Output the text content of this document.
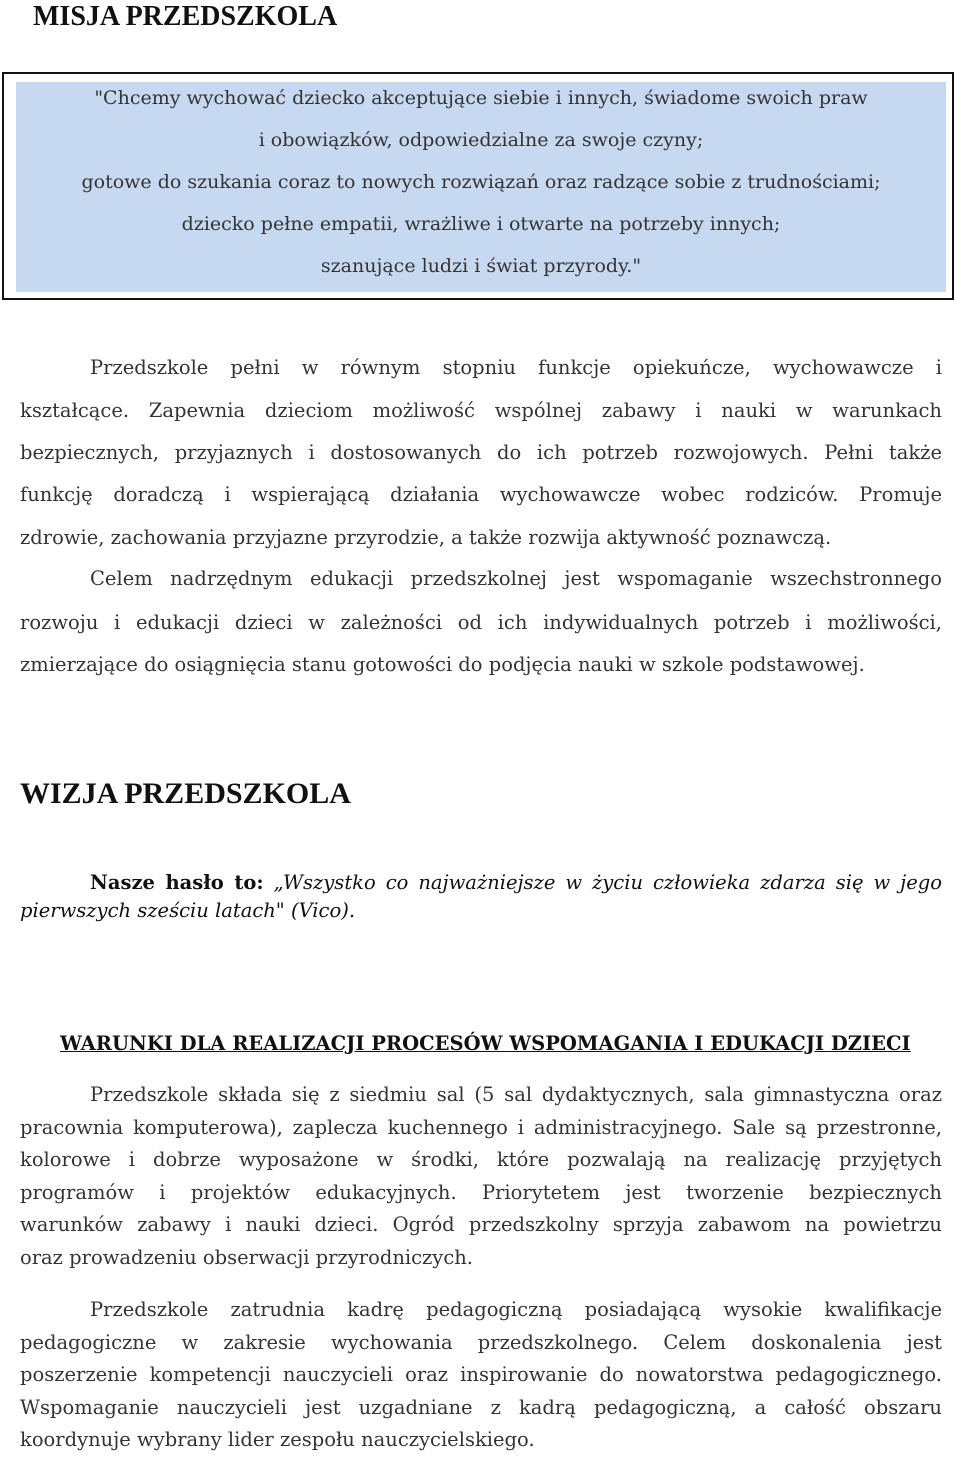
MISJA PRZEDSZKOLA
"Chcemy wychować dziecko akceptujące siebie i innych, świadome swoich praw
i obowiązków, odpowiedzialne za swoje czyny;
gotowe do szukania coraz to nowych rozwiązań oraz radzące sobie z trudnościami;
dziecko pełne empatii, wrażliwe i otwarte na potrzeby innych;
szanujące ludzi i świat przyrody."
Przedszkole pełni w równym stopniu funkcje opiekuńcze, wychowawcze i
kształcące. Zapewnia dzieciom możliwość wspólnej zabawy i nauki w warunkach
bezpiecznych, przyjaznych i dostosowanych do ich potrzeb rozwojowych. Pełni także
funkcję doradczą i wspierającą działania wychowawcze wobec rodziców. Promuje
zdrowie, zachowania przyjazne przyrodzie, a także rozwija aktywność poznawczą.
Celem nadrzędnym edukacji przedszkolnej jest wspomaganie wszechstronnego
rozwoju i edukacji dzieci w zależności od ich indywidualnych potrzeb i możliwości,
zmierzające do osiągnięcia stanu gotowości do podjęcia nauki w szkole podstawowej.
WIZJA PRZEDSZKOLA
Nasze hasło to: „Wszystko co najważniejsze w życiu człowieka zdarza się w jego
pierwszych sześciu latach" (Vico).
WARUNKI DLA REALIZACJI PROCESÓW WSPOMAGANIA I EDUKACJI DZIECI
Przedszkole składa się z siedmiu sal (5 sal dydaktycznych, sala gimnastyczna oraz
pracownia komputerowa), zaplecza kuchennego i administracyjnego. Sale są przestronne,
kolorowe i dobrze wyposażone w środki, które pozwalają na realizację przyjętych
programów i projektów edukacyjnych. Priorytetem jest tworzenie bezpiecznych
warunków zabawy i nauki dzieci. Ogród przedszkolny sprzyja zabawom na powietrzu
oraz prowadzeniu obserwacji przyrodniczych.
Przedszkole zatrudnia kadrę pedagogiczną posiadającą wysokie kwalifikacje
pedagogiczne w zakresie wychowania przedszkolnego. Celem doskonalenia jest
poszerzenie kompetencji nauczycieli oraz inspirowanie do nowatorstwa pedagogicznego.
Wspomaganie nauczycieli jest uzgadniane z kadrą pedagogiczną, a całość obszaru
koordynuje wybrany lider zespołu nauczycielskiego.
